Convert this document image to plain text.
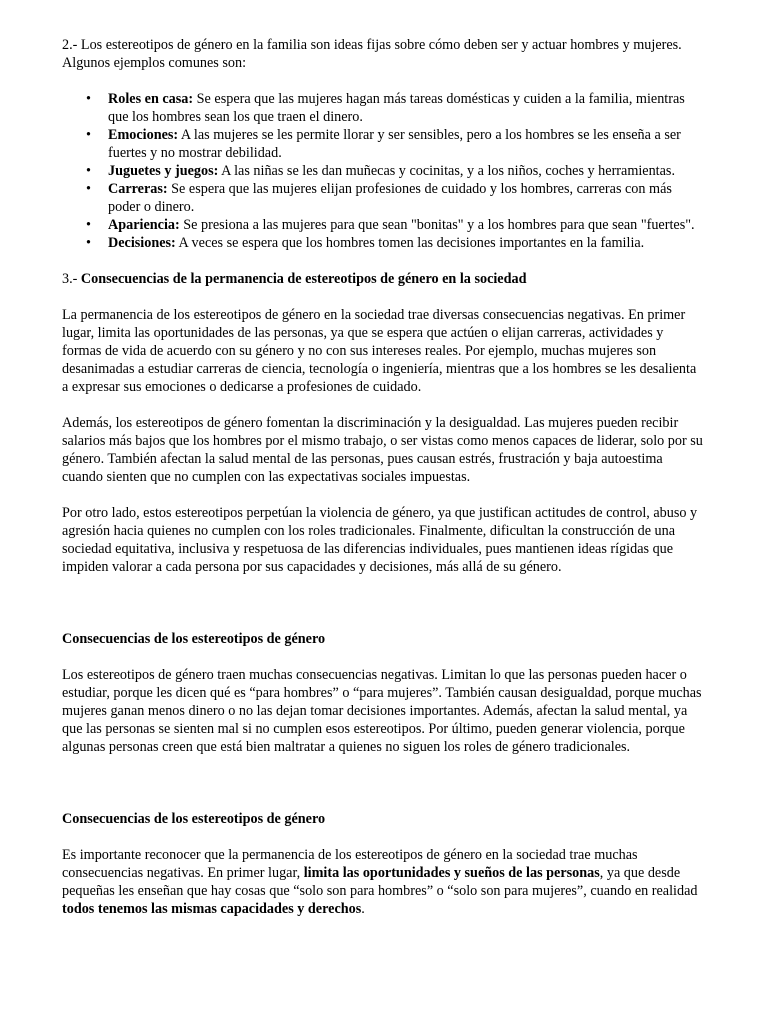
2.- Los estereotipos de género en la familia son ideas fijas sobre cómo deben ser y actuar hombres y mujeres. Algunos ejemplos comunes son:

• Roles en casa: Se espera que las mujeres hagan más tareas domésticas y cuiden a la familia, mientras que los hombres sean los que traen el dinero.
• Emociones: A las mujeres se les permite llorar y ser sensibles, pero a los hombres se les enseña a ser fuertes y no mostrar debilidad.
• Juguetes y juegos: A las niñas se les dan muñecas y cocinitas, y a los niños, coches y herramientas.
• Carreras: Se espera que las mujeres elijan profesiones de cuidado y los hombres, carreras con más poder o dinero.
• Apariencia: Se presiona a las mujeres para que sean "bonitas" y a los hombres para que sean "fuertes".
• Decisiones: A veces se espera que los hombres tomen las decisiones importantes en la familia.

3.- Consecuencias de la permanencia de estereotipos de género en la sociedad

La permanencia de los estereotipos de género en la sociedad trae diversas consecuencias negativas. En primer lugar, limita las oportunidades de las personas, ya que se espera que actúen o elijan carreras, actividades y formas de vida de acuerdo con su género y no con sus intereses reales. Por ejemplo, muchas mujeres son desanimadas a estudiar carreras de ciencia, tecnología o ingeniería, mientras que a los hombres se les desalienta a expresar sus emociones o dedicarse a profesiones de cuidado.

Además, los estereotipos de género fomentan la discriminación y la desigualdad. Las mujeres pueden recibir salarios más bajos que los hombres por el mismo trabajo, o ser vistas como menos capaces de liderar, solo por su género. También afectan la salud mental de las personas, pues causan estrés, frustración y baja autoestima cuando sienten que no cumplen con las expectativas sociales impuestas.

Por otro lado, estos estereotipos perpetúan la violencia de género, ya que justifican actitudes de control, abuso y agresión hacia quienes no cumplen con los roles tradicionales. Finalmente, dificultan la construcción de una sociedad equitativa, inclusiva y respetuosa de las diferencias individuales, pues mantienen ideas rígidas que impiden valorar a cada persona por sus capacidades y decisiones, más allá de su género.

Consecuencias de los estereotipos de género

Los estereotipos de género traen muchas consecuencias negativas. Limitan lo que las personas pueden hacer o estudiar, porque les dicen qué es “para hombres” o “para mujeres”. También causan desigualdad, porque muchas mujeres ganan menos dinero o no las dejan tomar decisiones importantes. Además, afectan la salud mental, ya que las personas se sienten mal si no cumplen esos estereotipos. Por último, pueden generar violencia, porque algunas personas creen que está bien maltratar a quienes no siguen los roles de género tradicionales.

Consecuencias de los estereotipos de género

Es importante reconocer que la permanencia de los estereotipos de género en la sociedad trae muchas consecuencias negativas. En primer lugar, limita las oportunidades y sueños de las personas, ya que desde pequeñas les enseñan que hay cosas que “solo son para hombres” o “solo son para mujeres”, cuando en realidad todos tenemos las mismas capacidades y derechos.
